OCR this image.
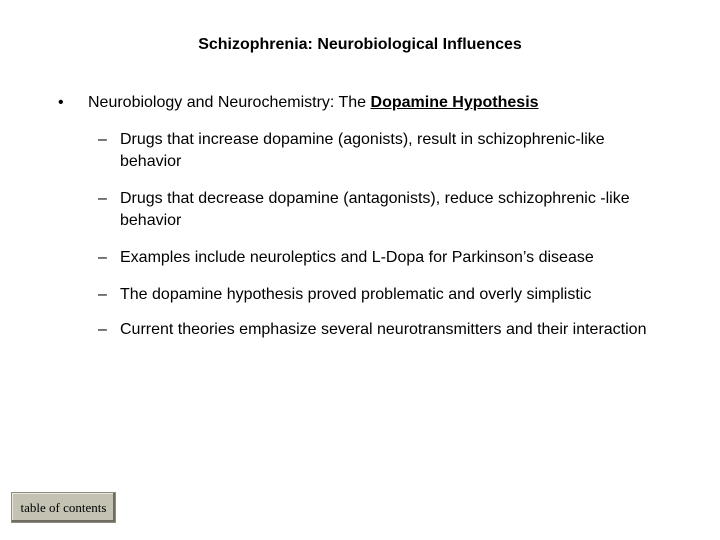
Schizophrenia: Neurobiological Influences
• Neurobiology and Neurochemistry: The Dopamine Hypothesis
– Drugs that increase dopamine (agonists), result in schizophrenic-like behavior
– Drugs that decrease dopamine (antagonists), reduce schizophrenic -like behavior
– Examples include neuroleptics and L-Dopa for Parkinson’s disease
– The dopamine hypothesis proved problematic and overly simplistic
– Current theories emphasize several neurotransmitters and their interaction
table of contents
